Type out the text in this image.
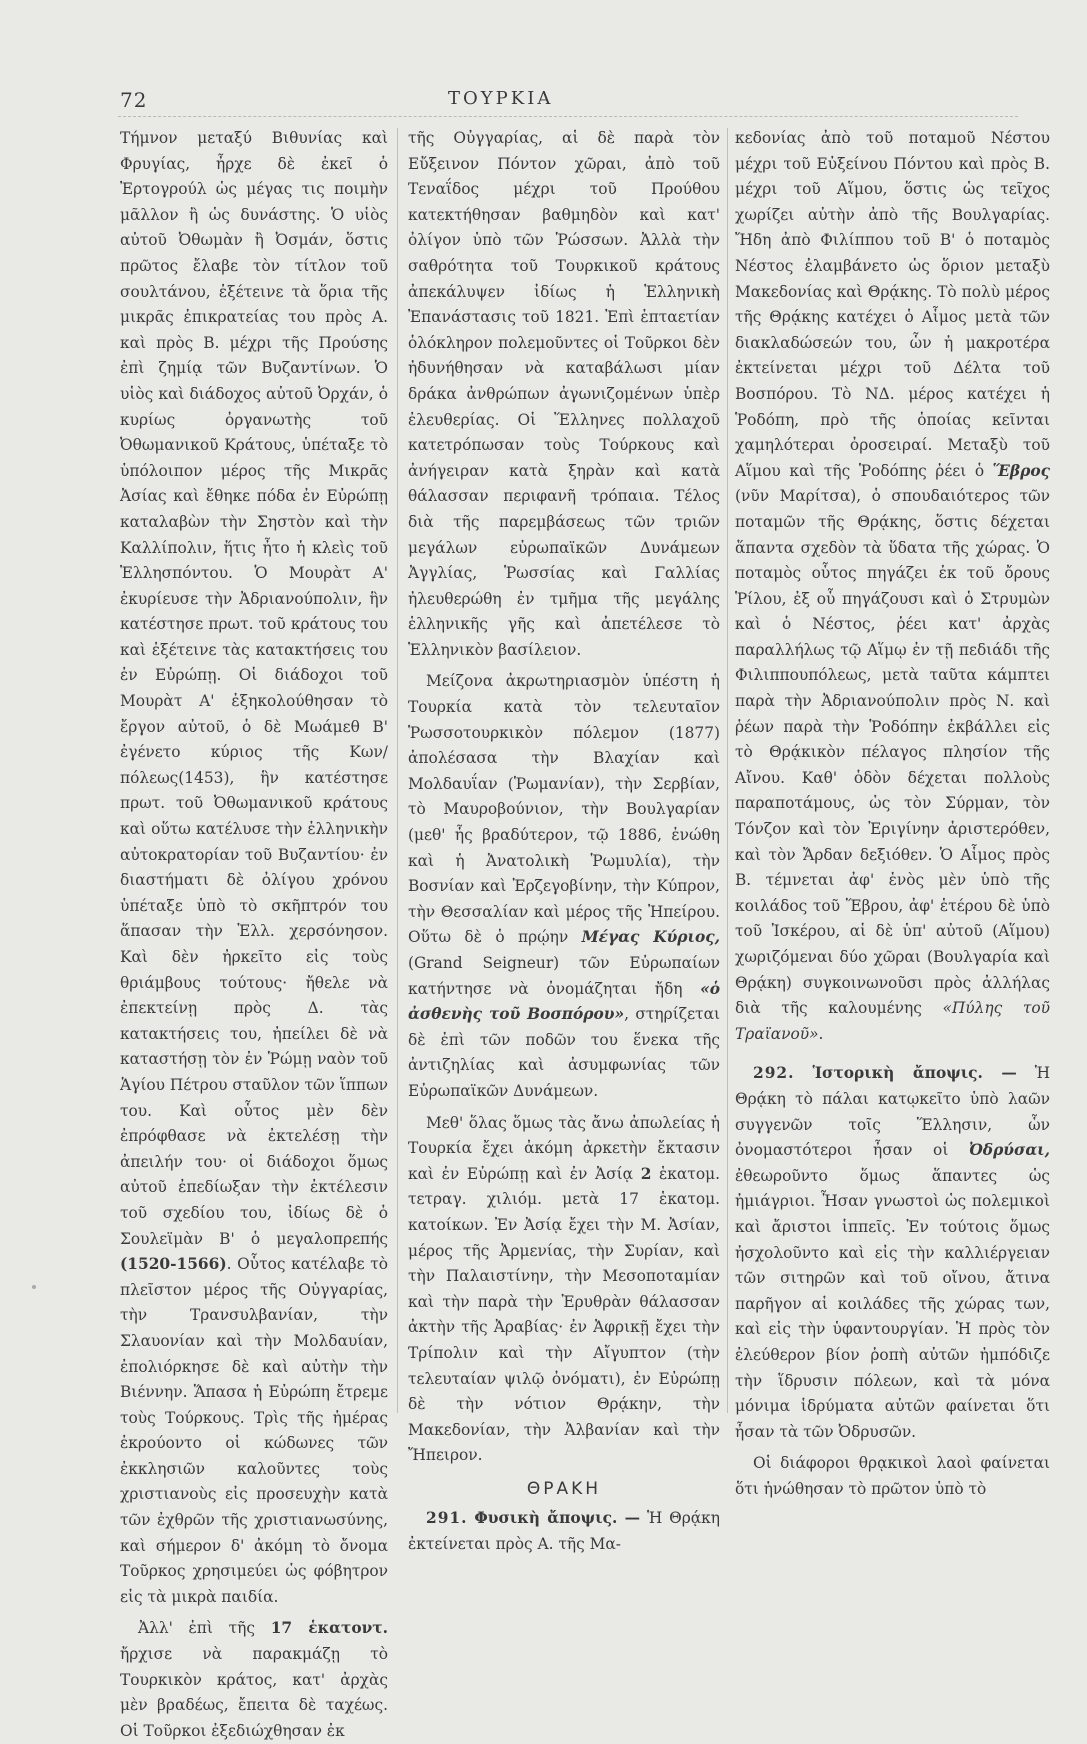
72	ΤΟΥΡΚΙΑ

Τήμνον μεταξύ Βιθυνίας καὶ Φρυγίας, ἦρχε δὲ ἐκεῖ ὁ Ἐρτογρούλ ὡς μέγας τις ποιμὴν μᾶλλον ἢ ὡς δυνάστης. Ὁ υἱὸς αὐτοῦ Ὀθωμὰν ἢ Ὀσμάν, ὅστις πρῶτος ἔλαβε τὸν τίτλον τοῦ σουλτάνου, ἐξέτεινε τὰ ὅρια τῆς μικρᾶς ἐπικρατείας του πρὸς Α. καὶ πρὸς Β. μέχρι τῆς Προύσης ἐπὶ ζημίᾳ τῶν Βυζαντίνων. Ὁ υἱὸς καὶ διάδοχος αὐτοῦ Ὀρχάν, ὁ κυρίως ὀργανωτὴς τοῦ Ὀθωμανικοῦ Κράτους, ὑπέταξε τὸ ὑπόλοιπον μέρος τῆς Μικρᾶς Ἀσίας καὶ ἔθηκε πόδα ἐν Εὐρώπῃ καταλαβὼν τὴν Σηστὸν καὶ τὴν Καλλίπολιν, ἥτις ἦτο ἡ κλεὶς τοῦ Ἑλλησπόντου. Ὁ Μουρὰτ Α' ἐκυρίευσε τὴν Ἀδριανούπολιν, ἣν κατέστησε πρωτ. τοῦ κράτους του καὶ ἐξέτεινε τὰς κατακτήσεις του ἐν Εὐρώπῃ. Οἱ διάδοχοι τοῦ Μουρὰτ Α' ἐξηκολούθησαν τὸ ἔργον αὐτοῦ, ὁ δὲ Μωάμεθ Β' ἐγένετο κύριος τῆς Κων/πόλεως(1453), ἣν κατέστησε πρωτ. τοῦ Ὀθωμανικοῦ κράτους καὶ οὕτω κατέλυσε τὴν ἑλληνικὴν αὐτοκρατορίαν τοῦ Βυζαντίου· ἐν διαστήματι δὲ ὀλίγου χρόνου ὑπέταξε ὑπὸ τὸ σκῆπτρόν του ἅπασαν τὴν Ἑλλ. χερσόνησον. Καὶ δὲν ἠρκεῖτο εἰς τοὺς θριάμβους τούτους· ἤθελε νὰ ἐπεκτείνῃ πρὸς Δ. τὰς κατακτήσεις του, ἠπείλει δὲ νὰ καταστήσῃ τὸν ἐν Ῥώμῃ ναὸν τοῦ Ἁγίου Πέτρου σταῦλον τῶν ἵππων του. Καὶ οὗτος μὲν δὲν ἐπρόφθασε νὰ ἐκτελέσῃ τὴν ἀπειλήν του· οἱ διάδοχοι ὅμως αὐτοῦ ἐπεδίωξαν τὴν ἐκτέλεσιν τοῦ σχεδίου του, ἰδίως δὲ ὁ Σουλεϊμὰν Β' ὁ μεγαλοπρεπής (1520-1566). Οὗτος κατέλαβε τὸ πλεῖστον μέρος τῆς Οὐγγαρίας, τὴν Τρανσυλβανίαν, τὴν Σλαυονίαν καὶ τὴν Μολδαυίαν, ἐπολιόρκησε δὲ καὶ αὐτὴν τὴν Βιέννην. Ἅπασα ἡ Εὐρώπη ἔτρεμε τοὺς Τούρκους. Τρὶς τῆς ἡμέρας ἐκρούοντο οἱ κώδωνες τῶν ἐκκλησιῶν καλοῦντες τοὺς χριστιανοὺς εἰς προσευχὴν κατὰ τῶν ἐχθρῶν τῆς χριστιανωσύνης, καὶ σήμερον δ' ἀκόμη τὸ ὄνομα Τοῦρκος χρησιμεύει ὡς φόβητρον εἰς τὰ μικρὰ παιδία.

Ἀλλ' ἐπὶ τῆς 17 ἑκατοντ. ἤρχισε νὰ παρακμάζῃ τὸ Τουρκικὸν κράτος, κατ' ἀρχὰς μὲν βραδέως, ἔπειτα δὲ ταχέως. Οἱ Τοῦρκοι ἐξεδιώχθησαν ἐκ

τῆς Οὐγγαρίας, αἱ δὲ παρὰ τὸν Εὔξεινον Πόντον χῶραι, ἀπὸ τοῦ Τεναΐδος μέχρι τοῦ Προύθου κατεκτήθησαν βαθμηδὸν καὶ κατ' ὀλίγον ὑπὸ τῶν Ῥώσσων. Ἀλλὰ τὴν σαθρότητα τοῦ Τουρκικοῦ κράτους ἀπεκάλυψεν ἰδίως ἡ Ἑλληνικὴ Ἐπανάστασις τοῦ 1821. Ἐπὶ ἑπταετίαν ὁλόκληρον πολεμοῦντες οἱ Τοῦρκοι δὲν ἠδυνήθησαν νὰ καταβάλωσι μίαν δράκα ἀνθρώπων ἀγωνιζομένων ὑπὲρ ἐλευθερίας. Οἱ Ἕλληνες πολλαχοῦ κατετρόπωσαν τοὺς Τούρκους καὶ ἀνήγειραν κατὰ ξηρὰν καὶ κατὰ θάλασσαν περιφανῆ τρόπαια. Τέλος διὰ τῆς παρεμβάσεως τῶν τριῶν μεγάλων εὐρωπαϊκῶν Δυνάμεων Ἀγγλίας, Ῥωσσίας καὶ Γαλλίας ἠλευθερώθη ἐν τμῆμα τῆς μεγάλης ἑλληνικῆς γῆς καὶ ἀπετέλεσε τὸ Ἑλληνικὸν βασίλειον.

Μείζονα ἀκρωτηριασμὸν ὑπέστη ἡ Τουρκία κατὰ τὸν τελευταῖον Ῥωσσοτουρκικὸν πόλεμον (1877) ἀπολέσασα τὴν Βλαχίαν καὶ Μολδαυΐαν (Ῥωμανίαν), τὴν Σερβίαν, τὸ Μαυροβούνιον, τὴν Βουλγαρίαν (μεθ' ἧς βραδύτερον, τῷ 1886, ἑνώθη καὶ ἡ Ἀνατολικὴ Ῥωμυλία), τὴν Βοσνίαν καὶ Ἐρζεγοβίνην, τὴν Κύπρον, τὴν Θεσσαλίαν καὶ μέρος τῆς Ἠπείρου. Οὕτω δὲ ὁ πρῴην Μέγας Κύριος, (Grand Seigneur) τῶν Εὐρωπαίων κατήντησε νὰ ὀνομάζηται ἤδη «ὁ ἀσθενὴς τοῦ Βοσπόρου», στηρίζεται δὲ ἐπὶ τῶν ποδῶν του ἕνεκα τῆς ἀντιζηλίας καὶ ἀσυμφωνίας τῶν Εὐρωπαϊκῶν Δυνάμεων.

Μεθ' ὅλας ὅμως τὰς ἄνω ἀπωλείας ἡ Τουρκία ἔχει ἀκόμη ἀρκετὴν ἔκτασιν καὶ ἐν Εὐρώπῃ καὶ ἐν Ἀσίᾳ 2 ἑκατομ. τετραγ. χιλιόμ. μετὰ 17 ἑκατομ. κατοίκων. Ἐν Ἀσίᾳ ἔχει τὴν Μ. Ἀσίαν, μέρος τῆς Ἀρμενίας, τὴν Συρίαν, καὶ τὴν Παλαιστίνην, τὴν Μεσοποταμίαν καὶ τὴν παρὰ τὴν Ἐρυθρὰν θάλασσαν ἀκτὴν τῆς Ἀραβίας· ἐν Ἀφρικῇ ἔχει τὴν Τρίπολιν καὶ τὴν Αἴγυπτον (τὴν τελευταίαν ψιλῷ ὀνόματι), ἐν Εὐρώπῃ δὲ τὴν νότιον Θρᾴκην, τὴν Μακεδονίαν, τὴν Ἀλβανίαν καὶ τὴν Ἤπειρον.

ΘΡΑΚΗ

291. Φυσικὴ ἄποψις. — Ἡ Θρᾴκη ἐκτείνεται πρὸς Α. τῆς Μα-

κεδονίας ἀπὸ τοῦ ποταμοῦ Νέστου μέχρι τοῦ Εὐξείνου Πόντου καὶ πρὸς Β. μέχρι τοῦ Αἵμου, ὅστις ὡς τεῖχος χωρίζει αὐτὴν ἀπὸ τῆς Βουλγαρίας. Ἤδη ἀπὸ Φιλίππου τοῦ Β' ὁ ποταμὸς Νέστος ἐλαμβάνετο ὡς ὅριον μεταξὺ Μακεδονίας καὶ Θρᾴκης. Τὸ πολὺ μέρος τῆς Θρᾴκης κατέχει ὁ Αἷμος μετὰ τῶν διακλαδώσεών του, ὧν ἡ μακροτέρα ἐκτείνεται μέχρι τοῦ Δέλτα τοῦ Βοσπόρου. Τὸ ΝΔ. μέρος κατέχει ἡ Ῥοδόπη, πρὸ τῆς ὁποίας κεῖνται χαμηλότεραι ὀροσειραί. Μεταξὺ τοῦ Αἵμου καὶ τῆς Ῥοδόπης ῥέει ὁ Ἕβρος (νῦν Μαρίτσα), ὁ σπουδαιότερος τῶν ποταμῶν τῆς Θρᾴκης, ὅστις δέχεται ἅπαντα σχεδὸν τὰ ὕδατα τῆς χώρας. Ὁ ποταμὸς οὗτος πηγάζει ἐκ τοῦ ὄρους Ῥίλου, ἐξ οὗ πηγάζουσι καὶ ὁ Στρυμὼν καὶ ὁ Νέστος, ῥέει κατ' ἀρχὰς παραλλήλως τῷ Αἵμῳ ἐν τῇ πεδιάδι τῆς Φιλιππουπόλεως, μετὰ ταῦτα κάμπτει παρὰ τὴν Ἀδριανούπολιν πρὸς Ν. καὶ ῥέων παρὰ τὴν Ῥοδόπην ἐκβάλλει εἰς τὸ Θρᾴκικὸν πέλαγος πλησίον τῆς Αἴνου. Καθ' ὁδὸν δέχεται πολλοὺς παραποτάμους, ὡς τὸν Σύρμαν, τὸν Τόνζον καὶ τὸν Ἐριγίνην ἀριστερόθεν, καὶ τὸν Ἄρδαν δεξιόθεν. Ὁ Αἷμος πρὸς Β. τέμνεται ἀφ' ἑνὸς μὲν ὑπὸ τῆς κοιλάδος τοῦ Ἕβρου, ἀφ' ἑτέρου δὲ ὑπὸ τοῦ Ἰσκέρου, αἱ δὲ ὑπ' αὐτοῦ (Αἵμου) χωριζόμεναι δύο χῶραι (Βουλγαρία καὶ Θρᾴκη) συγκοινωνοῦσι πρὸς ἀλλήλας διὰ τῆς καλουμένης «Πύλης τοῦ Τραϊανοῦ».

292. Ἱστορικὴ ἄποψις. — Ἡ Θρᾴκη τὸ πάλαι κατῳκεῖτο ὑπὸ λαῶν συγγενῶν τοῖς Ἕλλησιν, ὧν ὀνομαστότεροι ἦσαν οἱ Ὀδρύσαι, ἐθεωροῦντο ὅμως ἅπαντες ὡς ἡμιάγριοι. Ἦσαν γνωστοὶ ὡς πολεμικοὶ καὶ ἄριστοι ἱππεῖς. Ἐν τούτοις ὅμως ἠσχολοῦντο καὶ εἰς τὴν καλλιέργειαν τῶν σιτηρῶν καὶ τοῦ οἴνου, ἄτινα παρῆγον αἱ κοιλάδες τῆς χώρας των, καὶ εἰς τὴν ὑφαντουργίαν. Ἡ πρὸς τὸν ἐλεύθερον βίον ῥοπὴ αὐτῶν ἠμπόδιζε τὴν ἵδρυσιν πόλεων, καὶ τὰ μόνα μόνιμα ἱδρύματα αὐτῶν φαίνεται ὅτι ἦσαν τὰ τῶν Ὀδρυσῶν.

Οἱ διάφοροι θρᾳκικοὶ λαοὶ φαίνεται ὅτι ἡνώθησαν τὸ πρῶτον ὑπὸ τὸ
